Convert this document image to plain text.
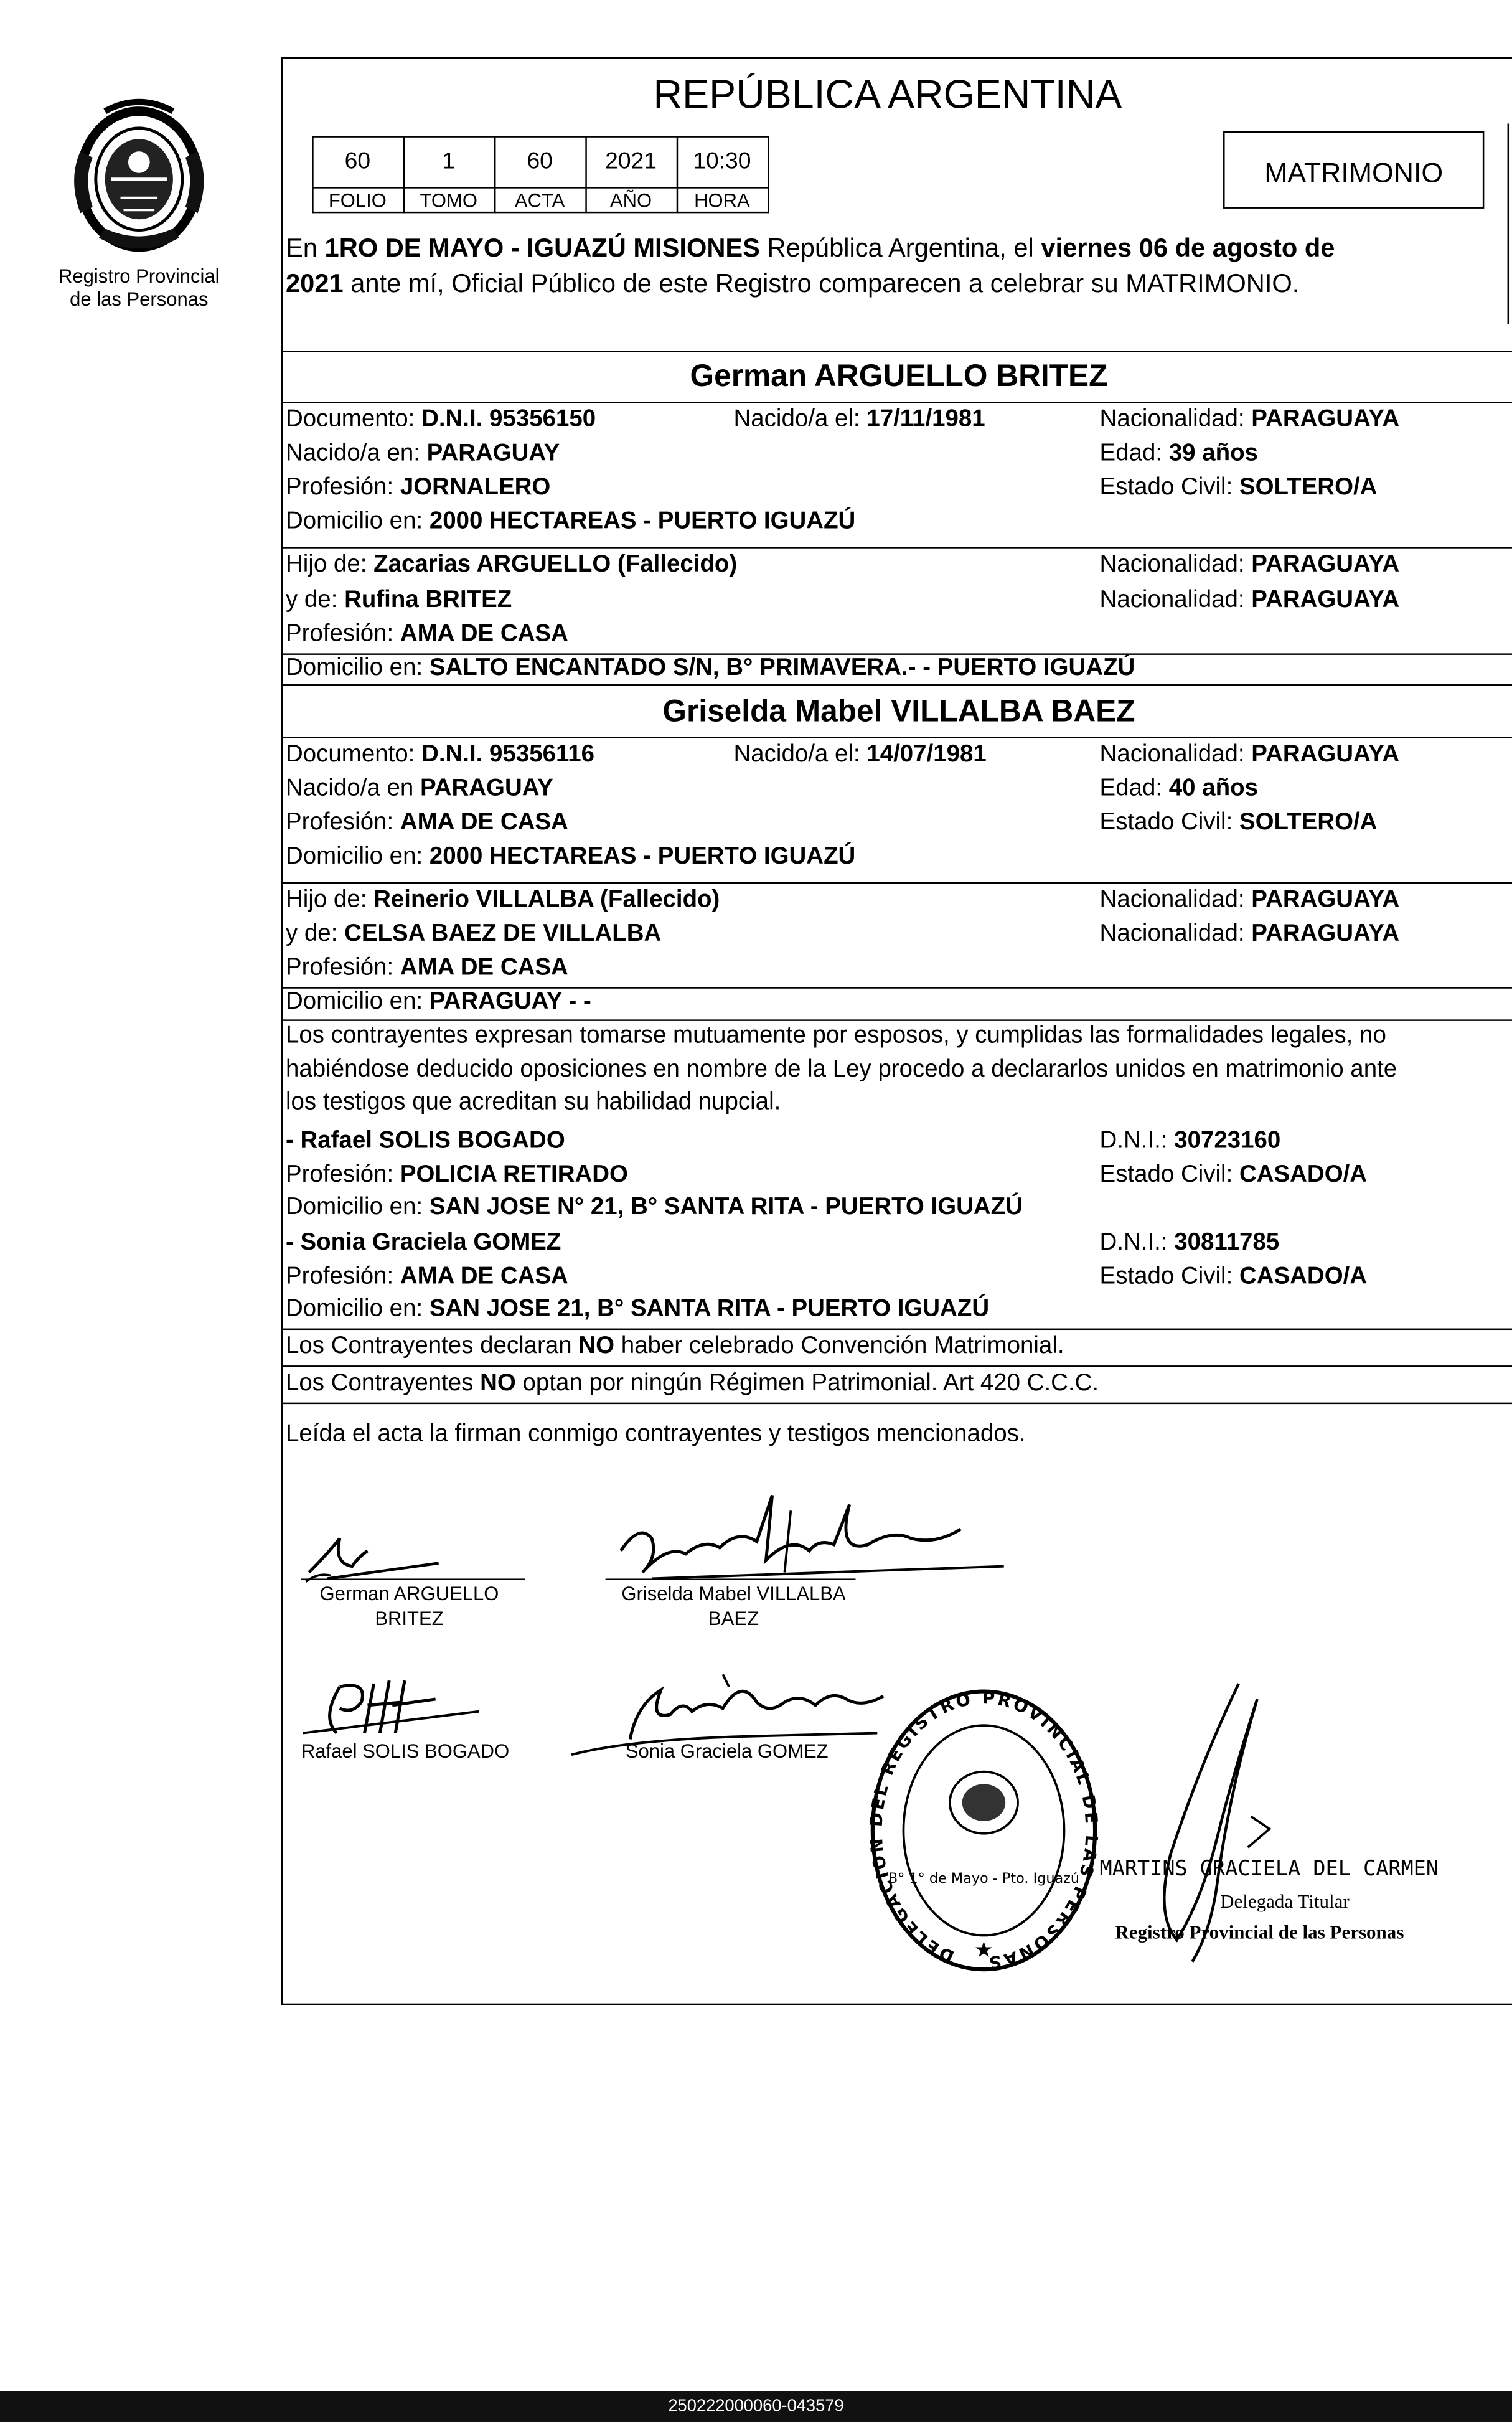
Registro Provincial
de las Personas
REPÚBLICA ARGENTINA
60	1	60	2021	10:30
FOLIO	TOMO	ACTA	AÑO	HORA
MATRIMONIO
En 1RO DE MAYO - IGUAZÚ MISIONES República Argentina, el viernes 06 de agosto de
2021 ante mí, Oficial Público de este Registro comparecen a celebrar su MATRIMONIO.
German ARGUELLO BRITEZ
Documento: D.N.I. 95356150	Nacido/a el: 17/11/1981	Nacionalidad: PARAGUAYA
Nacido/a en: PARAGUAY	Edad: 39 años
Profesión: JORNALERO	Estado Civil: SOLTERO/A
Domicilio en: 2000 HECTAREAS - PUERTO IGUAZÚ
Hijo de: Zacarias ARGUELLO (Fallecido)	Nacionalidad: PARAGUAYA
y de: Rufina BRITEZ	Nacionalidad: PARAGUAYA
Profesión: AMA DE CASA
Domicilio en: SALTO ENCANTADO S/N, B° PRIMAVERA.- - PUERTO IGUAZÚ
Griselda Mabel VILLALBA BAEZ
Documento: D.N.I. 95356116	Nacido/a el: 14/07/1981	Nacionalidad: PARAGUAYA
Nacido/a en PARAGUAY	Edad: 40 años
Profesión: AMA DE CASA	Estado Civil: SOLTERO/A
Domicilio en: 2000 HECTAREAS - PUERTO IGUAZÚ
Hijo de: Reinerio VILLALBA (Fallecido)	Nacionalidad: PARAGUAYA
y de: CELSA BAEZ DE VILLALBA	Nacionalidad: PARAGUAYA
Profesión: AMA DE CASA
Domicilio en: PARAGUAY - -
Los contrayentes expresan tomarse mutuamente por esposos, y cumplidas las formalidades legales, no
habiéndose deducido oposiciones en nombre de la Ley procedo a declararlos unidos en matrimonio ante
los testigos que acreditan su habilidad nupcial.
- Rafael SOLIS BOGADO	D.N.I.: 30723160
Profesión: POLICIA RETIRADO	Estado Civil: CASADO/A
Domicilio en: SAN JOSE N° 21, B° SANTA RITA - PUERTO IGUAZÚ
- Sonia Graciela GOMEZ	D.N.I.: 30811785
Profesión: AMA DE CASA	Estado Civil: CASADO/A
Domicilio en: SAN JOSE 21, B° SANTA RITA - PUERTO IGUAZÚ
Los Contrayentes declaran NO haber celebrado Convención Matrimonial.
Los Contrayentes NO optan por ningún Régimen Patrimonial. Art 420 C.C.C.
Leída el acta la firman conmigo contrayentes y testigos mencionados.
German ARGUELLO
BRITEZ
Griselda Mabel VILLALBA
BAEZ
Rafael SOLIS BOGADO	Sonia Graciela GOMEZ
DELEGACION DEL REGISTRO PROVINCIAL DE LAS PERSONAS
B° 1° de Mayo - Pto. Iguazú
★
MARTINS GRACIELA DEL CARMEN
Delegada Titular
Registro Provincial de las Personas
250222000060-043579
